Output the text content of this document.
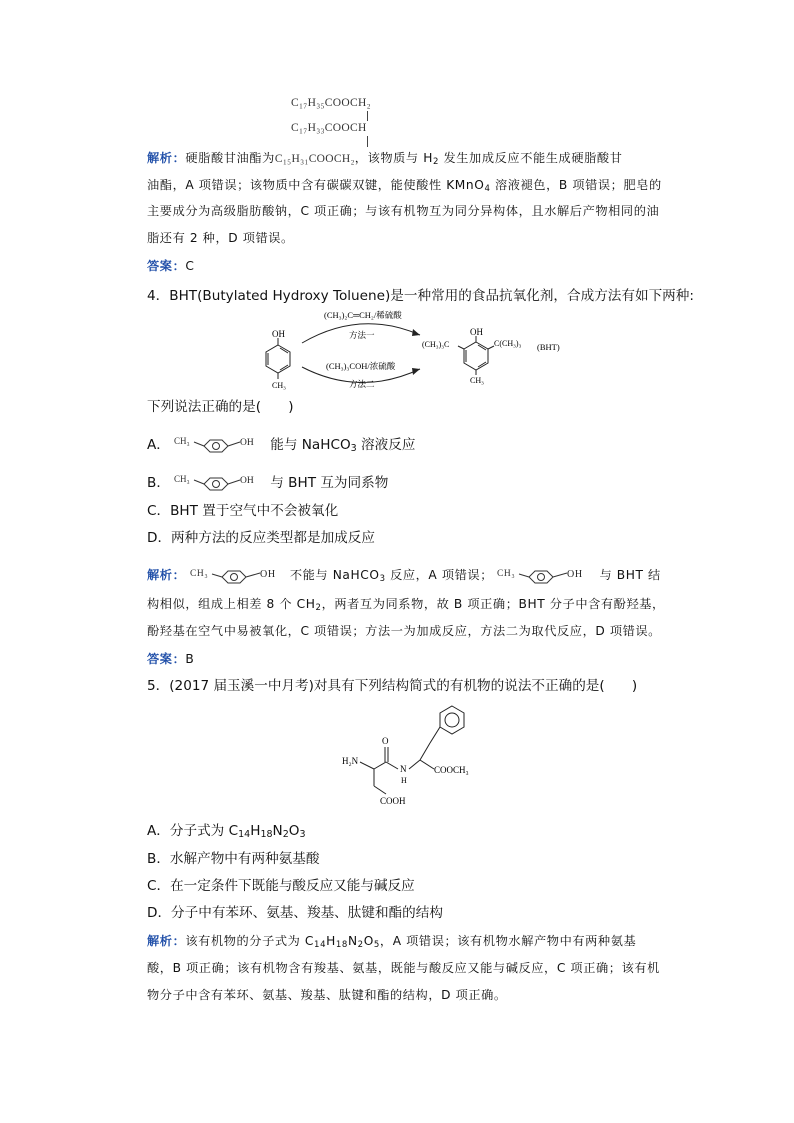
C₁₇H₃₅COOCH₂
C₁₇H₃₃COOCH
解析：硬脂酸甘油酯为C₁₅H₃₁COOCH₂，该物质与 $H_2$ 发生加成反应不能生成硬脂酸甘
油酯，A 项错误；该物质中含有碳碳双键，能使酸性 KMnO$_4$ 溶液褪色，B 项错误；肥皂的
主要成分为高级脂肪酸钠，C 项正确；与该有机物互为同分异构体，且水解后产物相同的油
脂还有 2 种，D 项错误。
答案：C
4．BHT(Butylated Hydroxy Toluene)是一种常用的食品抗氧化剂，合成方法有如下两种:
OH
CH₃
(CH₃)₂C═CH₂/稀硫酸
方法一
(CH₃)₃COH/浓硫酸
方法二
OH
(CH₃)₃C	C(CH₃)₃
CH₃
(BHT)
下列说法正确的是(　　)
A． CH₃	OH 能与 NaHCO$_3$ 溶液反应
B． CH₃	OH 与 BHT 互为同系物
C．BHT 置于空气中不会被氧化
D．两种方法的反应类型都是加成反应
解析： CH₃	OH 不能与 NaHCO$_3$ 反应，A 项错误； CH₃	OH 与 BHT 结
构相似，组成上相差 8 个 $CH_2$，两者互为同系物，故 B 项正确；BHT 分子中含有酚羟基，
酚羟基在空气中易被氧化，C 项错误；方法一为加成反应，方法二为取代反应，D 项错误。
答案：B
5．(2017 届玉溪一中月考)对具有下列结构简式的有机物的说法不正确的是(　　)
O
N
H
H₂N
COOCH₃
COOH
A．分子式为 $C_{14}H_{18}N_2O_3$
B．水解产物中有两种氨基酸
C．在一定条件下既能与酸反应又能与碱反应
D．分子中有苯环、氨基、羧基、肽键和酯的结构
解析：该有机物的分子式为 $C_{14}H_{18}N_2O_5$，A 项错误；该有机物水解产物中有两种氨基
酸，B 项正确；该有机物含有羧基、氨基，既能与酸反应又能与碱反应，C 项正确；该有机
物分子中含有苯环、氨基、羧基、肽键和酯的结构，D 项正确。
